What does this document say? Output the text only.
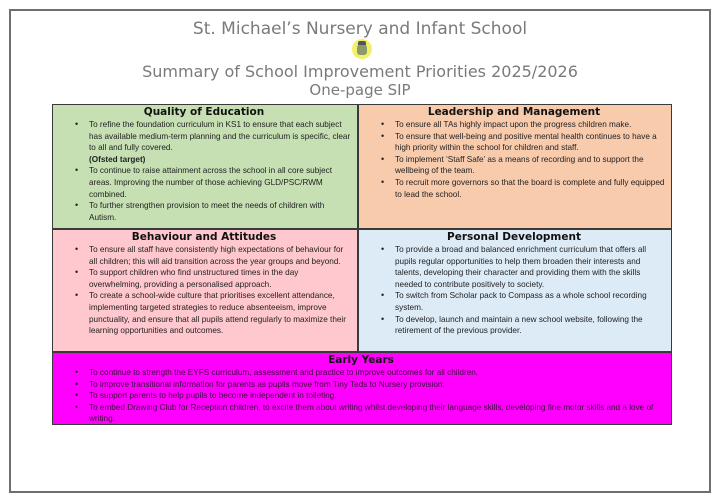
St. Michael’s Nursery and Infant School
Summary of School Improvement Priorities 2025/2026
One-page SIP
Quality of Education
• To refine the foundation curriculum in KS1 to ensure that each subject has available medium-term planning and the curriculum is specific, clear to all and fully covered.
(Ofsted target)
• To continue to raise attainment across the school in all core subject areas. Improving the number of those achieving GLD/PSC/RWM combined.
• To further strengthen provision to meet the needs of children with Autism.
Leadership and Management
• To ensure all TAs highly impact upon the progress children make.
• To ensure that well-being and positive mental health continues to have a high priority within the school for children and staff.
• To implement ‘Staff Safe’ as a means of recording and to support the wellbeing of the team.
• To recruit more governors so that the board is complete and fully equipped to lead the school.
Behaviour and Attitudes
• To ensure all staff have consistently high expectations of behaviour for all children; this will aid transition across the year groups and beyond.
• To support children who find unstructured times in the day overwhelming, providing a personalised approach.
• To create a school-wide culture that prioritises excellent attendance, implementing targeted strategies to reduce absenteeism, improve punctuality, and ensure that all pupils attend regularly to maximize their learning opportunities and outcomes.
Personal Development
• To provide a broad and balanced enrichment curriculum that offers all pupils regular opportunities to help them broaden their interests and talents, developing their character and providing them with the skills needed to contribute positively to society.
• To switch from Scholar pack to Compass as a whole school recording system.
• To develop, launch and maintain a new school website, following the retirement of the previous provider.
Early Years
• To continue to strength the EYFS curriculum, assessment and practice to improve outcomes for all children.
• To improve transitional information for parents as pupils move from Tiny Teds to Nursery provision.
• To support parents to help pupils to become independent in toileting.
• To embed Drawing Club for Reception children, to excite them about writing whilst developing their language skills, developing fine motor skills and a love of writing.
